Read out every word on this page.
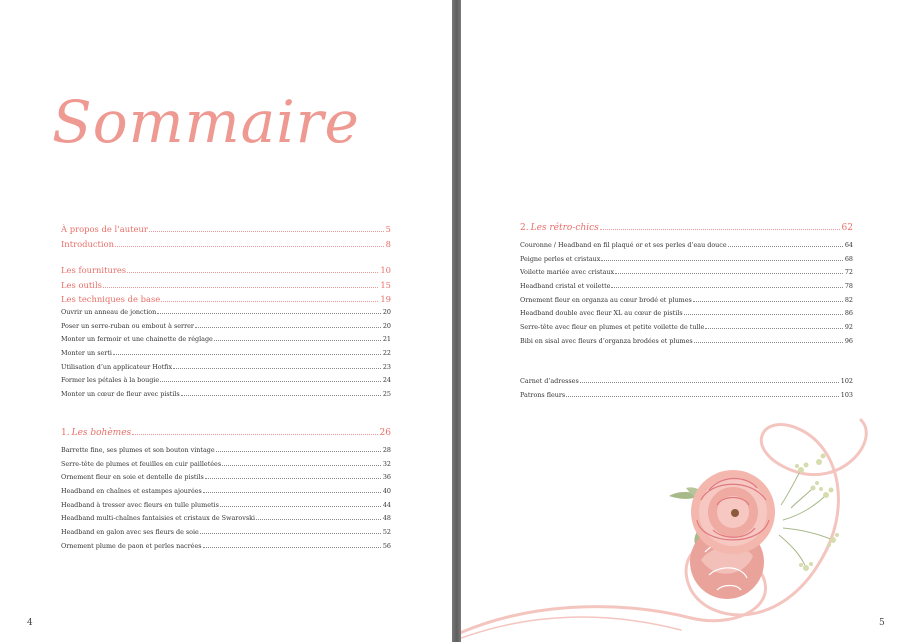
Sommaire
À propos de l’auteur	5
Introduction	8
Les fournitures	10
Les outils	15
Les techniques de base	19
Ouvrir un anneau de jonction	20
Poser un serre-ruban ou embout à serrer	20
Monter un fermoir et une chainette de réglage	21
Monter un serti	22
Utilisation d’un applicateur Hotfix	23
Former les pétales à la bougie	24
Monter un cœur de fleur avec pistils	25
1. Les bohèmes	26
Barrette fine, ses plumes et son bouton vintage	28
Serre-tête de plumes et feuilles en cuir pailletées	32
Ornement fleur en soie et dentelle de pistils	36
Headband en chaînes et estampes ajourées	40
Headband à tresser avec fleurs en tulle plumetis	44
Headband multi-chaînes fantaisies et cristaux de Swarovski	48
Headband en galon avec ses fleurs de soie	52
Ornement plume de paon et perles nacrées	56
4
2. Les rétro-chics	62
Couronne / Headband en fil plaqué or et ses perles d’eau douce	64
Peigne perles et cristaux	68
Voilette mariée avec cristaux	72
Headband cristal et voilette	78
Ornement fleur en organza au cœur brodé et plumes	82
Headband double avec fleur XL au cœur de pistils	86
Serre-tête avec fleur en plumes et petite voilette de tulle	92
Bibi en sisal avec fleurs d’organza brodées et plumes	96
Carnet d’adresses	102
Patrons fleurs	103
5
